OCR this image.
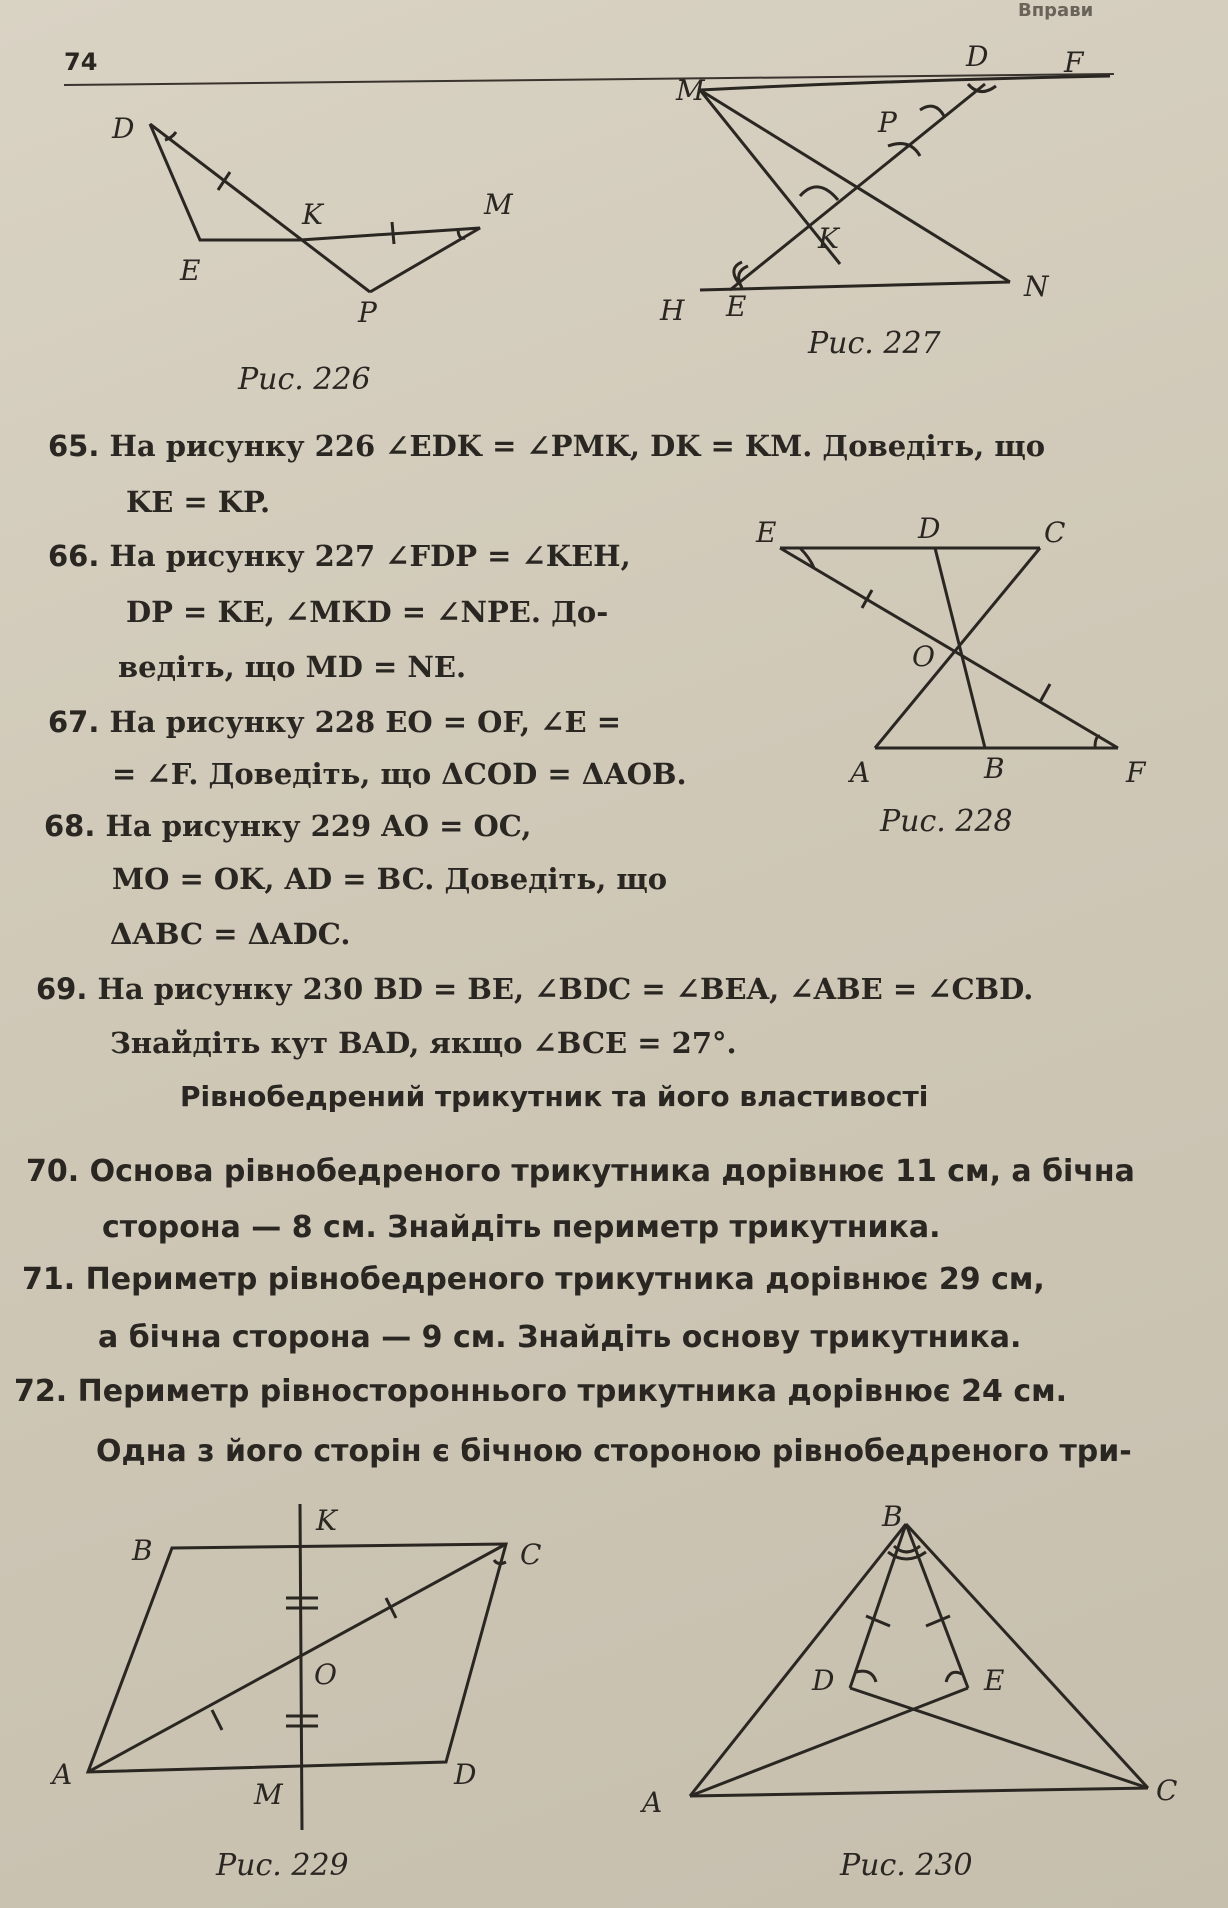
Вправи
74
D
K	M
E
P
Рис. 226
M
D	F
P
K
H E
N
Рис. 227
E	D	C
O
A	B	F
Рис. 228
65. На рисунку 226 ∠EDK = ∠PMK, DK = KM. Доведіть, що
KE = KP.
66. На рисунку 227 ∠FDP = ∠KEH,
DP = KE, ∠MKD = ∠NPE. До-
ведіть, що MD = NE.
67. На рисунку 228 EO = OF, ∠E =
= ∠F. Доведіть, що ΔCOD = ΔAOB.
68. На рисунку 229 AO = OC,
MO = OK, AD = BC. Доведіть, що
ΔABC = ΔADC.
69. На рисунку 230 BD = BE, ∠BDC = ∠BEA, ∠ABE = ∠CBD.
Знайдіть кут BAD, якщо ∠BCE = 27°.
Рівнобедрений трикутник та його властивості
70. Основа рівнобедреного трикутника дорівнює 11 см, а бічна
сторона — 8 см. Знайдіть периметр трикутника.
71. Периметр рівнобедреного трикутника дорівнює 29 см,
а бічна сторона — 9 см. Знайдіть основу трикутника.
72. Периметр рівностороннього трикутника дорівнює 24 см.
Одна з його сторін є бічною стороною рівнобедреного три-
B
K
C
O
A
M
D
Рис. 229
B
D	E
A	C
Рис. 230
